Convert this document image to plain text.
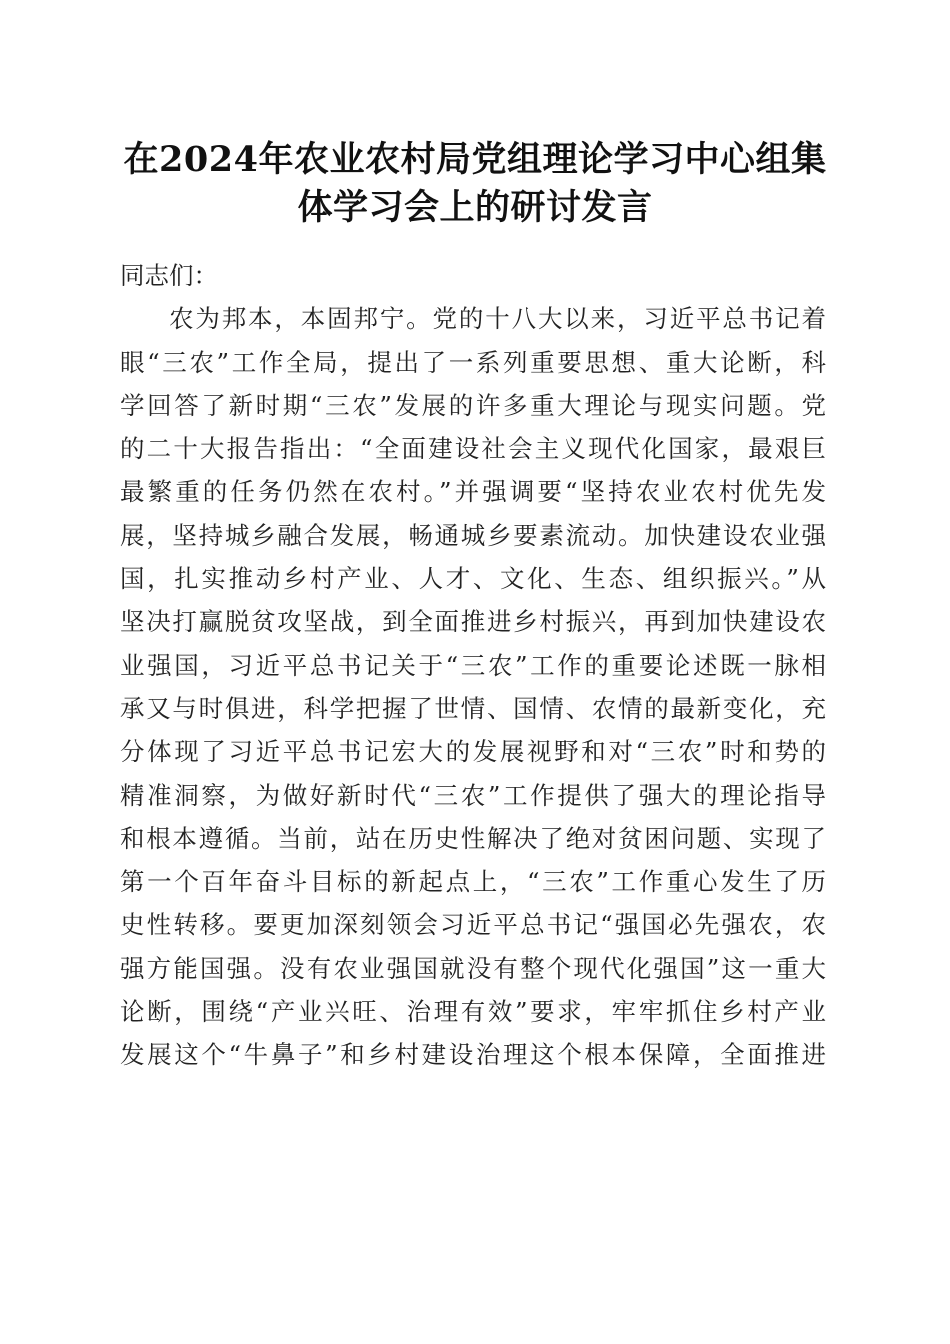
在2024年农业农村局党组理论学习中心组集
体学习会上的研讨发言

同志们：

农为邦本，本固邦宁。党的十八大以来，习近平总书记着
眼“三农”工作全局，提出了一系列重要思想、重大论断，科
学回答了新时期“三农”发展的许多重大理论与现实问题。党
的二十大报告指出：“全面建设社会主义现代化国家，最艰巨
最繁重的任务仍然在农村。”并强调要“坚持农业农村优先发
展，坚持城乡融合发展，畅通城乡要素流动。加快建设农业强
国，扎实推动乡村产业、人才、文化、生态、组织振兴。”从
坚决打赢脱贫攻坚战，到全面推进乡村振兴，再到加快建设农
业强国，习近平总书记关于“三农”工作的重要论述既一脉相
承又与时俱进，科学把握了世情、国情、农情的最新变化，充
分体现了习近平总书记宏大的发展视野和对“三农”时和势的
精准洞察，为做好新时代“三农”工作提供了强大的理论指导
和根本遵循。当前，站在历史性解决了绝对贫困问题、实现了
第一个百年奋斗目标的新起点上，“三农”工作重心发生了历
史性转移。要更加深刻领会习近平总书记“强国必先强农，农
强方能国强。没有农业强国就没有整个现代化强国”这一重大
论断，围绕“产业兴旺、治理有效”要求，牢牢抓住乡村产业
发展这个“牛鼻子”和乡村建设治理这个根本保障，全面推进
